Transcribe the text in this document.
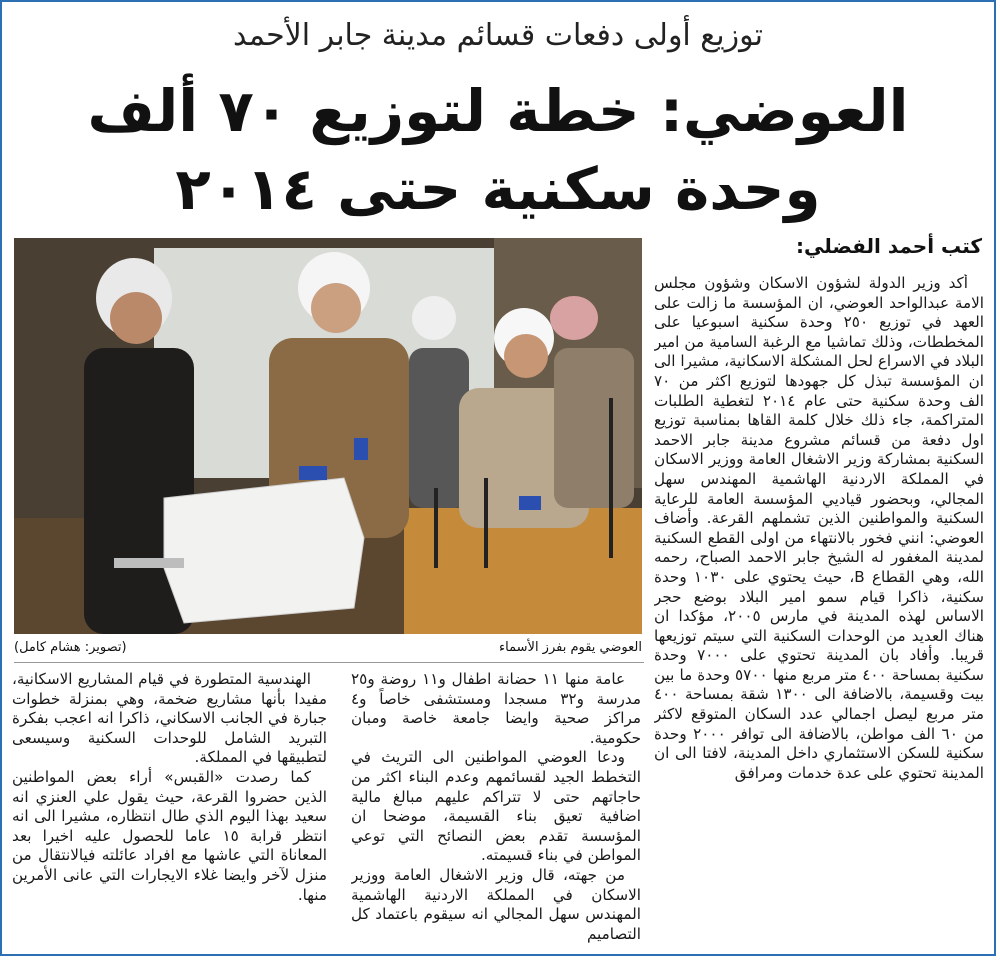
توزيع أولى دفعات قسائم مدينة جابر الأحمد
العوضي: خطة لتوزيع ٧٠ ألف
وحدة سكنية حتى ٢٠١٤
العوضي يقوم بفرز الأسماء
(تصوير: هشام كامل)
كتب أحمد الفضلي:

أكد وزير الدولة لشؤون الاسكان وشؤون مجلس الامة عبدالواحد العوضي، ان المؤسسة ما زالت على العهد في توزيع ٢٥٠ وحدة سكنية اسبوعيا على المخططات، وذلك تماشيا مع الرغبة السامية من امير البلاد في الاسراع لحل المشكلة الاسكانية، مشيرا الى ان المؤسسة تبذل كل جهودها لتوزيع اكثر من ٧٠ الف وحدة سكنية حتى عام ٢٠١٤ لتغطية الطلبات المتراكمة، جاء ذلك خلال كلمة القاها بمناسبة توزيع اول دفعة من قسائم مشروع مدينة جابر الاحمد السكنية بمشاركة وزير الاشغال العامة ووزير الاسكان في المملكة الاردنية الهاشمية المهندس سهل المجالي، وبحضور قياديي المؤسسة العامة للرعاية السكنية والمواطنين الذين تشملهم القرعة. وأضاف العوضي: انني فخور بالانتهاء من اولى القطع السكنية لمدينة المغفور له الشيخ جابر الاحمد الصباح، رحمه الله، وهي القطاع B، حيث يحتوي على ١٠٣٠ وحدة سكنية، ذاكرا قيام سمو امير البلاد بوضع حجر الاساس لهذه المدينة في مارس ٢٠٠٥، مؤكدا ان هناك العديد من الوحدات السكنية التي سيتم توزيعها قريبا. وأفاد بان المدينة تحتوي على ٧٠٠٠ وحدة سكنية بمساحة ٤٠٠ متر مربع منها ٥٧٠٠ وحدة ما بين بيت وقسيمة، بالاضافة الى ١٣٠٠ شقة بمساحة ٤٠٠ متر مربع ليصل اجمالي عدد السكان المتوقع لاكثر من ٦٠ الف مواطن، بالاضافة الى توافر ٢٠٠٠ وحدة سكنية للسكن الاستثماري داخل المدينة، لافتا الى ان المدينة تحتوي على عدة خدمات ومرافق

عامة منها ١١ حضانة اطفال و١١ روضة و٢٥ مدرسة و٣٢ مسجدا ومستشفى خاصاً و٤ مراكز صحية وايضا جامعة خاصة ومبان حكومية.

ودعا العوضي المواطنين الى التريث في التخطط الجيد لقسائمهم وعدم البناء اكثر من حاجاتهم حتى لا تتراكم عليهم مبالغ مالية اضافية تعيق بناء القسيمة، موضحا ان المؤسسة تقدم بعض النصائح التي توعي المواطن في بناء قسيمته.

من جهته، قال وزير الاشغال العامة ووزير الاسكان في المملكة الاردنية الهاشمية المهندس سهل المجالي انه سيقوم باعتماد كل التصاميم

الهندسية المتطورة في قيام المشاريع الاسكانية، مفيدا بأنها مشاريع ضخمة، وهي بمنزلة خطوات جبارة في الجانب الاسكاني، ذاكرا انه اعجب بفكرة التبريد الشامل للوحدات السكنية وسيسعى لتطبيقها في المملكة.

كما رصدت «القبس» أراء بعض المواطنين الذين حضروا القرعة، حيث يقول علي العنزي انه سعيد بهذا اليوم الذي طال انتظاره، مشيرا الى انه انتظر قرابة ١٥ عاما للحصول عليه اخيرا بعد المعاناة التي عاشها مع افراد عائلته فيالانتقال من منزل لآخر وايضا غلاء الايجارات التي عانى الأمرين منها.
